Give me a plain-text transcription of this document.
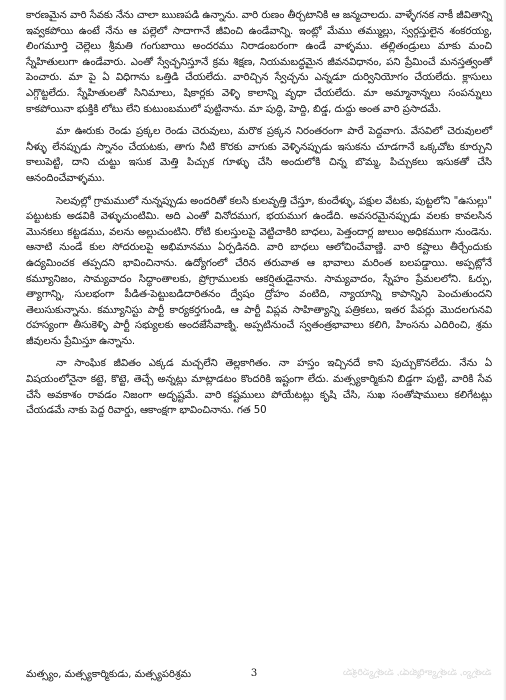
కారణమైన వారి సేవకు నేను చాలా ఋణపడి ఉన్నాను. వారి రుణం తీర్చటానికి ఆ జన్మచాలదు. వాళ్ళేగనక నాకీ జీవితాన్ని ఇవ్వకపోయి ఉంటే నేను ఆ పల్లెలో సాదాగానే జీవించి ఉండేవాన్ని. ఇంట్లో మేము తమ్ముల్లు, స్వర్గస్తులైన శంకరయ్య, లింగమూర్తి చెల్లెలు శ్రీమతి గంగుబాయి అందరము నిరాడంబరంగా ఉండే వాళ్ళము. తల్లితండ్రులు మాకు మంచి స్నేహితులుగా ఉండేవారు. ఎంతో స్వేచ్ఛనిస్తూనే క్రమ శిక్షణ, నియమబద్ధమైన జీవనవిధానం, పని ప్రేమించే మనస్తత్వంతో పెంచారు. మా పై ఏ విధిగాను ఒత్తిడి చేయలేదు. వారిచ్చిన స్వేచ్ఛను ఎన్నడూ దుర్వినియోగం చేయలేదు. క్లాసులు ఎగ్గొట్టలేదు. స్నేహితులతో సినిమాలు, షికార్లకు వెళ్ళి కాలాన్ని వృధా చేయలేదు. మా అమ్మానాన్నలు సంపన్నులు కాకపోయినా భుక్తికి లోటు లేని కుటుంబములో పుట్టినాను. మా పుద్ధి, హెద్ది, బిడ్డ, దుద్దు అంత వారి ప్రసాదమే.

మా ఊరుకు రెండు ప్రక్కల రెండు చెరువులు, మరొక ప్రక్కన నిరంతరంగా పారే పెద్దవాగు. వేసవిలో చెరువులలో నీళ్ళు లేనప్పుడు స్నానం చేయటకు, తాగు నీటి కొరకు వాగుకు వెళ్ళినప్పుడు ఇసుకను చూడగానే ఒక్కచోట కూర్చుని కాలుపెట్టి, దాని చుట్టు ఇసుక మెత్తి పిచ్చుక గూళ్ళు చేసి అందులోకి చిన్న బొమ్మ, పిచ్చుకలు ఇసుకతో చేసి ఆనందించేవాళ్ళము.

సెలవుల్లో గ్రామములో నున్నప్పుడు అందరితో కలసి కులవృత్తి చేస్తూ, కుందేళ్ళు, పక్షుల వేటకు, పుట్టలోని "ఉసుల్లు" పట్టుటకు అడవికి వెళ్ళుచుంటిమి. అది ఎంతో వినోదముగ, భయముగ ఉండేది. అవసరమైనప్పుడు వలకు కావలసిన మొనకలు కట్టడము, వలను అల్లుచుంటిని. రోటి కులస్తులపై వెట్టిచాకిరి బాధలు, పెత్తందార్ల జులుం అధికముగా నుండెను. ఆనాటి నుండే కుల సోదరులపై అభిమానము ఏర్పడినది. వారి బాధలు ఆలోచించేవాణ్ణి. వారి కష్టాలు తీర్చేందుకు ఉద్యమించక తప్పదని భావించినాను. ఉద్యోగంలో చేరిన తరువాత ఆ భావాలు మరింత బలపడ్డాయి. అప్పట్లోనే కమ్యూనిజం, సామ్యవాదం సిద్ధాంతాలకు, ప్రోగ్రాములకు ఆకర్షితుడైనాను. సామ్యవాదం, స్నేహం ప్రేమలలోని. ఓర్పు, త్యాగాన్ని, సులభంగా పీడిత-పెట్టుబడిదారితనం ద్వేషం ద్రోహం వంటిది, న్యాయాన్ని కాపాన్నిని పెంచుతుందని తెలుసుకున్నాను. కమ్యూనిస్టు పార్టీ కార్యకర్తగుండి, ఆ పార్టీ విప్లవ సాహిత్యాన్ని పత్రికలు, ఇతర పేపర్లు మొదలగునవి రహస్యంగా తీసుకెళ్ళి పార్టీ సభ్యులకు అందజేసేవాణ్ని. అప్పటినుంచే స్వతంత్రభావాలు కలిగి, హింసను ఎదిరించి, శ్రమ జీవులను ప్రేమిస్తూ ఉన్నాను.

నా సాంఘిక జీవితం ఎక్కడ మచ్చలేని తెల్లకాగితం. నా హస్తం ఇచ్చినదే కాని పుచ్చుకొనలేదు. నేను ఏ విషయంలోనైనా కట్టె, కొట్టె, తెచ్చే అన్నట్లు మాట్లాడటం కొందరికి ఇష్టంగా లేదు. మత్స్యకార్మికుని బిడ్డగా పుట్టి, వారికి సేవ చేసే అవకాశం రావడం నిజంగా అదృష్టమే. వారి కష్టములు పోయేటట్లు కృషి చేసి, సుఖ సంతోషాములు కలిగేటట్లు చేయడమే నాకు పెద్ద రివార్డు, ఆకాంక్షగా భావించినాను. గత 50

మత్స్యం, మత్స్యకార్మికుడు, మత్స్యపరిశ్రమ	3	మత్స్యం, మత్స్యకార్మికుడు, మత్స్యపరిశ్రమ
